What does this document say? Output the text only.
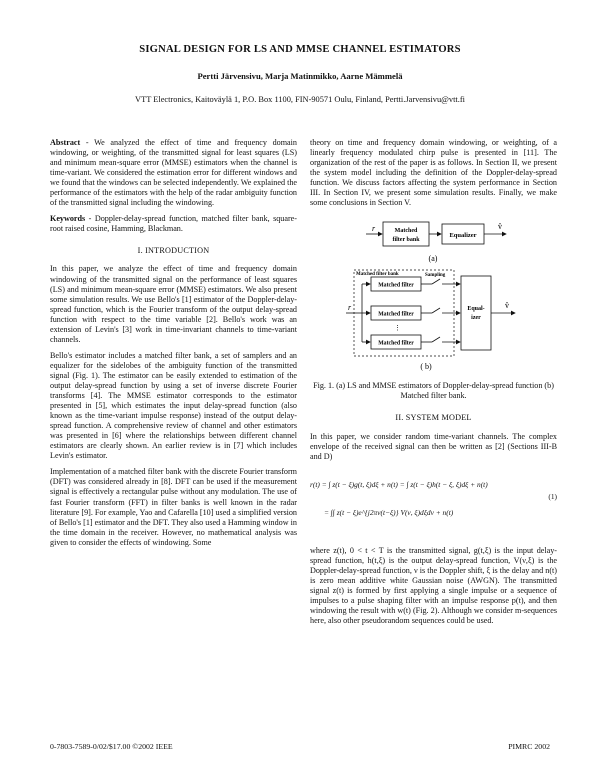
SIGNAL DESIGN FOR LS AND MMSE CHANNEL ESTIMATORS
Pertti Järvensivu, Marja Matinmikko, Aarne Mämmelä
VTT Electronics, Kaitoväylä 1, P.O. Box 1100, FIN-90571 Oulu, Finland, Pertti.Jarvensivu@vtt.fi

Abstract - We analyzed the effect of time and frequency domain windowing, or weighting, of the transmitted signal for least squares (LS) and minimum mean-square error (MMSE) estimators when the channel is time-variant. We considered the estimation error for different windows and we found that the windows can be selected independently. We explained the performance of the estimators with the help of the radar ambiguity function of the transmitted signal including the windowing.

Keywords - Doppler-delay-spread function, matched filter bank, square-root raised cosine, Hamming, Blackman.

I. INTRODUCTION

In this paper, we analyze the effect of time and frequency domain windowing of the transmitted signal on the performance of least squares (LS) and minimum mean-square error (MMSE) estimators. We also present some simulation results. We use Bello's [1] estimator of the Doppler-delay-spread function, which is the Fourier transform of the output delay-spread function with respect to the time variable [2]. Bello's work was an extension of Levin's [3] work in time-invariant channels to time-variant channels.

Bello's estimator includes a matched filter bank, a set of samplers and an equalizer for the sidelobes of the ambiguity function of the transmitted signal (Fig. 1). The estimator can be easily extended to estimation of the output delay-spread function by using a set of inverse discrete Fourier transforms [4]. The MMSE estimator corresponds to the estimator presented in [5], which estimates the input delay-spread function (also known as the time-variant impulse response) instead of the output delay-spread function. A comprehensive review of channel and other estimators was presented in [6] where the relationships between different channel estimators are clearly shown. An earlier review is in [7] which includes Levin's estimator.

Implementation of a matched filter bank with the discrete Fourier transform (DFT) was considered already in [8]. DFT can be used if the measurement signal is effectively a rectangular pulse without any modulation. The use of fast Fourier transform (FFT) in filter banks is well known in the radar literature [9]. For example, Yao and Cafarella [10] used a simplified version of Bello's [1] estimator and the DFT. They also used a Hamming window in the time domain in the receiver. However, no mathematical analysis was given to consider the effects of windowing. Some

theory on time and frequency domain windowing, or weighting, of a linearly frequency modulated chirp pulse is presented in [11]. The organization of the rest of the paper is as follows. In Section II, we present the system model including the definition of the Doppler-delay-spread function. We discuss factors affecting the system performance in Section III. In Section IV, we present some simulation results. Finally, we make some conclusions in Section V.

r	Matched
filter bank
Equalizer
v̂
(a)
Matched filter bank	Sampling
r
Matched filter
Matched filter
⋮
Matched filter
Equal-
izer
v̂
( b)
Fig. 1. (a) LS and MMSE estimators of Doppler-delay-spread function (b) Matched filter bank.
II. SYSTEM MODEL

In this paper, we consider random time-variant channels. The complex envelope of the received signal can then be written as [2] (Sections III-B and D)

r(t) = ∫ z(t − ξ)g(t, ξ)dξ + n(t) = ∫ z(t − ξ)h(t − ξ, ξ)dξ + n(t)
= ∫∫ z(t − ξ)e^{j2πν(t−ξ)} V(ν, ξ)dξdν + n(t)
(1)

where z(t), 0 < t < T is the transmitted signal, g(t,ξ) is the input delay-spread function, h(t,ξ) is the output delay-spread function, V(ν,ξ) is the Doppler-delay-spread function, ν is the Doppler shift, ξ is the delay and n(t) is zero mean additive white Gaussian noise (AWGN). The transmitted signal z(t) is formed by first applying a single impulse or a sequence of impulses to a pulse shaping filter with an impulse response p(t), and then windowing the result with w(t) (Fig. 2). Although we consider m-sequences here, also other pseudorandom sequences could be used.

0-7803-7589-0/02/$17.00 ©2002 IEEE	PIMRC 2002
